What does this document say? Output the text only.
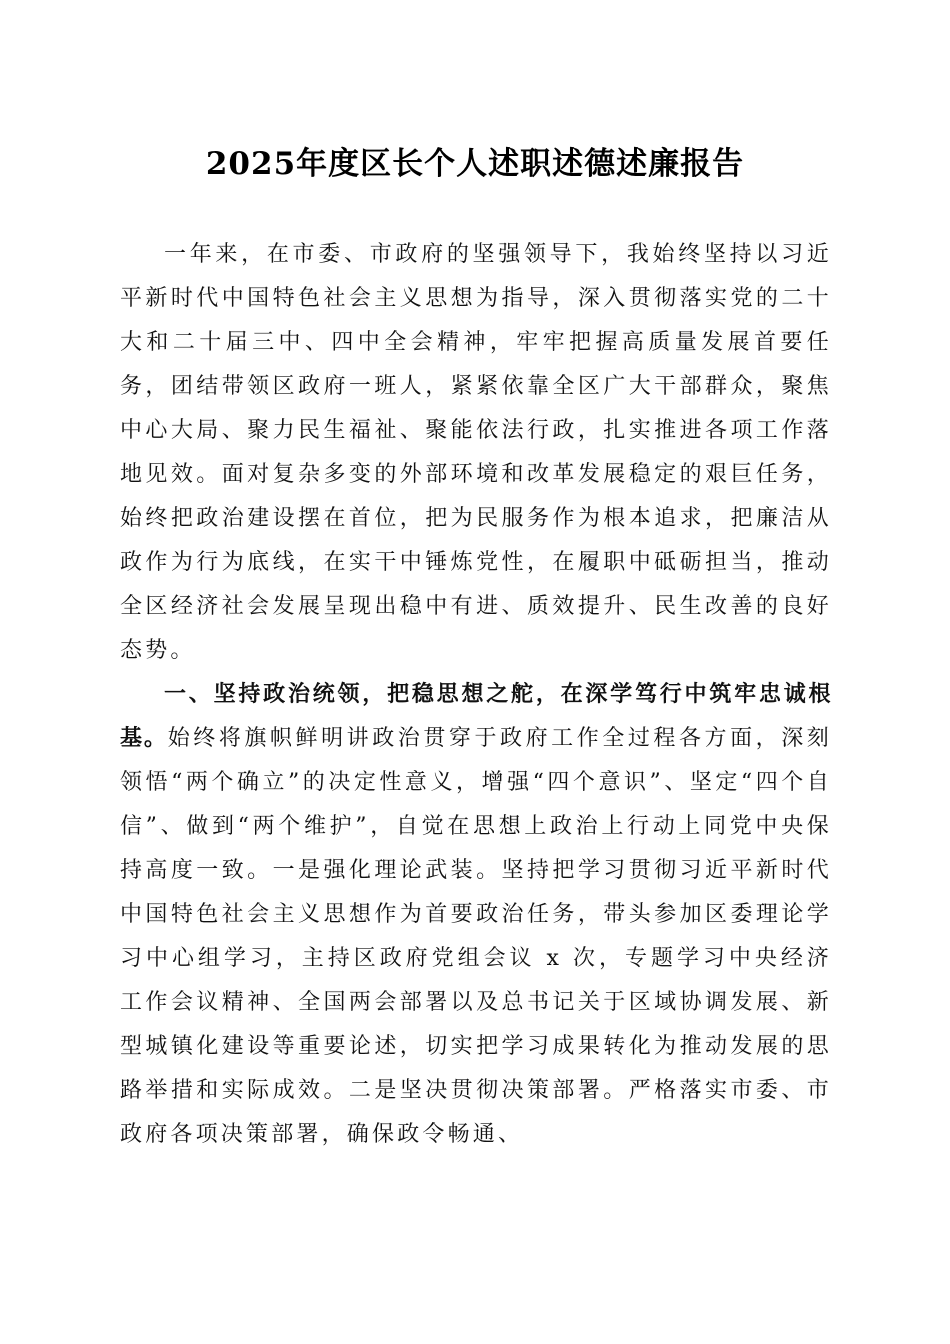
2025年度区长个人述职述德述廉报告

一年来，在市委、市政府的坚强领导下，我始终坚持以习近平新时代中国特色社会主义思想为指导，深入贯彻落实党的二十大和二十届三中、四中全会精神，牢牢把握高质量发展首要任务，团结带领区政府一班人，紧紧依靠全区广大干部群众，聚焦中心大局、聚力民生福祉、聚能依法行政，扎实推进各项工作落地见效。面对复杂多变的外部环境和改革发展稳定的艰巨任务，始终把政治建设摆在首位，把为民服务作为根本追求，把廉洁从政作为行为底线，在实干中锤炼党性，在履职中砥砺担当，推动全区经济社会发展呈现出稳中有进、质效提升、民生改善的良好态势。

一、坚持政治统领，把稳思想之舵，在深学笃行中筑牢忠诚根基。始终将旗帜鲜明讲政治贯穿于政府工作全过程各方面，深刻领悟“两个确立”的决定性意义，增强“四个意识”、坚定“四个自信”、做到“两个维护”，自觉在思想上政治上行动上同党中央保持高度一致。一是强化理论武装。坚持把学习贯彻习近平新时代中国特色社会主义思想作为首要政治任务，带头参加区委理论学习中心组学习，主持区政府党组会议 x 次，专题学习中央经济工作会议精神、全国两会部署以及总书记关于区域协调发展、新型城镇化建设等重要论述，切实把学习成果转化为推动发展的思路举措和实际成效。二是坚决贯彻决策部署。严格落实市委、市政府各项决策部署，确保政令畅通、
